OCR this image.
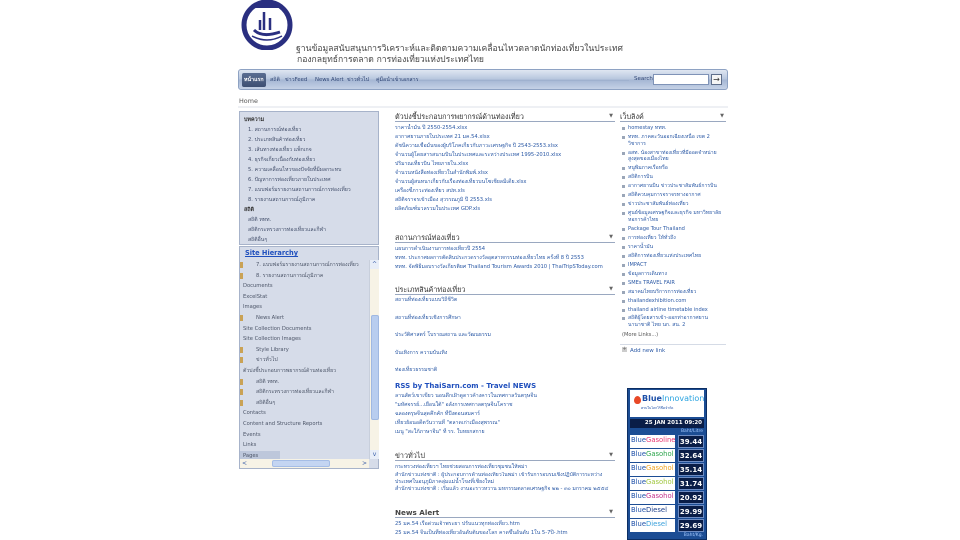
ฐานข้อมูลสนับสนุนการวิเคราะห์และติดตามความเคลื่อนไหวตลาดนักท่องเที่ยวในประเทศ
กองกลยุทธ์การตลาด การท่องเที่ยวแห่งประเทศไทย
หน้าแรก	สถิติ ข่าวFeed	News Alert ข่าวทั่วไป	คู่มือนำเข้าเอกสาร	Search	→
Home
บทความ
1. สถานการณ์ท่องเที่ยว
2. ประเภทสินค้าท่องเที่ยว
3. เส้นทางท่องเที่ยว แพ็กเกจ
4. ธุรกิจเกี่ยวเนื่องกับท่องเที่ยว
5. ความเคลื่อนไหวของปัจจัยที่มีผลกระทบ
6. ปัญหาการท่องเที่ยวภายในประเทศ
7. แบบฟอร์มรายงานสถานการณ์การท่องเที่ยว
8. รายงานสถานการณ์ภูมิภาค
สถิติ
สถิติ ททท.
สถิติกระทรวงการท่องเที่ยวและกีฬา
สถิติอื่นๆ
Site Hierarchy
7. แบบฟอร์มรายงานสถานการณ์การท่องเที่ยว
8. รายงานสถานการณ์ภูมิภาค
Documents
ExcelStat
Images
News Alert
Site Collection Documents
Site Collection Images
Style Library
ข่าวทั่วไป
ตัวบ่งชี้ประกอบการพยากรณ์ด้านท่องเที่ยว
สถิติ ททท.
สถิติกระทรวงการท่องเที่ยวและกีฬา
สถิติอื่นๆ
Contacts
Content and Structure Reports
Events
Links
Pages
^
v
<	>
ตัวบ่งชี้ประกอบการพยากรณ์ด้านท่องเที่ยว	▼
ราคาน้ำมัน ปี 2550-2554.xlsx
อากาศยานภายในประเทศ 21 มค.54.xlsx
ดัชนีความเชื่อมั่นของผู้บริโภคเกี่ยวกับภาวะเศรษฐกิจ ปี 2543-2553.xlsx
จำนวนผู้โดยสารสนามบินในประเทศและระหว่างประเทศ 1995-2010.xlsx
ปริมาณเที่ยวบิน ไทยภายใน.xlsx
จำนวนหนังสือท่องเที่ยวในสำนักพิมพ์.xlsx
จำนวนผู้สนทนาเกี่ยวกับเรื่องท่องเที่ยวบนโซเชียลมีเดีย.xlsx
เครื่องชี้ภาวะท่องเที่ยว สปท.xls
สถิติจราจรเข้าเมือง สุวรรณภูมิ ปี 2553.xls
ผลิตภัณฑ์มวลรวมในประเทศ GDP.xls
สถานการณ์ท่องเที่ยว	▼
แผนการดำเนินงานการท่องเที่ยวปี 2554
ททท. ประกาศผลการตัดสินประกวดรางวัลอุตสาหกรรมท่องเที่ยวไทย ครั้งที่ 8 ปี 2553
ททท. จัดพิธีมอบรางวัลเกียรติยศ Thailand Tourism Awards 2010 | ThaiTripSToday.com
ประเภทสินค้าท่องเที่ยว	▼
สถานที่ท่องเที่ยวแบบวิถีชีวิต
สถานที่ท่องเที่ยวเชิงการศึกษา
ประวัติศาสตร์ โบราณสถาน และวัฒนธรรม
บันเทิงการ ความบันเทิง
ท่องเที่ยวธรรมชาติ
RSS by ThaiSarn.com - Travel NEWS
ลานสัตว์เขาเขียว นอนดึกเฝ้าดูดาวค้างคาวในเทศกาลวันตรุษจีน
"มหัศจรรย์...เยือนใต้" อลังการเทศกาลตรุษจีนโคราช
ฉลองตรุษจีนสุดคึกคัก ที่บึงตอนสมคาร์
เที่ยวย้อนอดีตวันวานที่ "ตลาดเก่าเมืองสุพรรณ"
เมนู "สะใภ้ภาษาจีน" ที่ รร. ใบหยกสกาย
ข่าวทั่วไป	▼
กระทรวงท่องเที่ยวฯ ไทยช่วยสอนการท่องเที่ยวชุมชนให้พม่า
สำนักข่าวแห่งชาติ : ผู้ประกอบการด้านท่องเที่ยวในพม่า เข้ารับการอบรมเชิงปฏิบัติการระหว่างประเทศในอนุภูมิภาคลุ่มแม่น้ำโขงที่เชียงใหม่
สำนักข่าวแห่งชาติ : เริ่มแล้ว งานอะราวหวาน มหกรรมตลาดเศรษฐกิจ ๒๒ - ๓๐ มกราคม ๒๕๕๔
News Alert	▼
25 มค.54 เรือด่วนเจ้าพระยา ปรับแนวทุกท่องเที่ยว.htm
25 มค.54 จีนเป็นที่ท่องเที่ยวอันดับต้นของโลก คาดขึ้นอันดับ 1ใน 5-7ปี-.htm
เว็บลิงค์	▼
homestay ททท.
ททท. ภาคตะวันออกเฉียงเหนือ เขต 2 วิชาการ
อสท. น้องสาขาท่องเที่ยวที่มีออดจำหน่ายสูงสุดของเมืองไทย
หนูพิมภาคเรือหรือ
สถิติการบิน
อากาศยานบิน ข่าวประชาสัมพันธ์การบิน
สถิติควบคุมการจราจรทางอากาศ
ข่าวประชาสัมพันธ์ท่องเที่ยว
ศูนย์ข้อมูลเศรษฐกิจและธุรกิจ มหาวิทยาลัยหอการค้าไทย
Package Tour Thailand
การท่องเที่ยว ให้ทั่วถึง
ราคาน้ำมัน
สถิติการท่องเที่ยวแห่งประเทศไทย
IMPACT
ข้อมูลการเดินทาง
SMEs TRAVEL FAIR
สมาคมไทยบริการการท่องเที่ยว
thailandexhibition.com
thailand airline timetable index
สถิติผู้โดยสารเข้า-ออกท่าอากาศยานนานาชาติ ไทย นก. สน. 2
(More Links...)
+ Add new link
BlueInnovation
ครบในโลกไร้ขีดจำกัด
25 JAN 2011 09:20
Baht/Litre
BlueGasoline 39.44
BlueGasohol 32.64
BlueGasohol 35.14
BlueGasohol 31.74
BlueGasohol 20.92
BlueDiesel	29.99
BlueDiesel	29.69
Baht/Kg.
